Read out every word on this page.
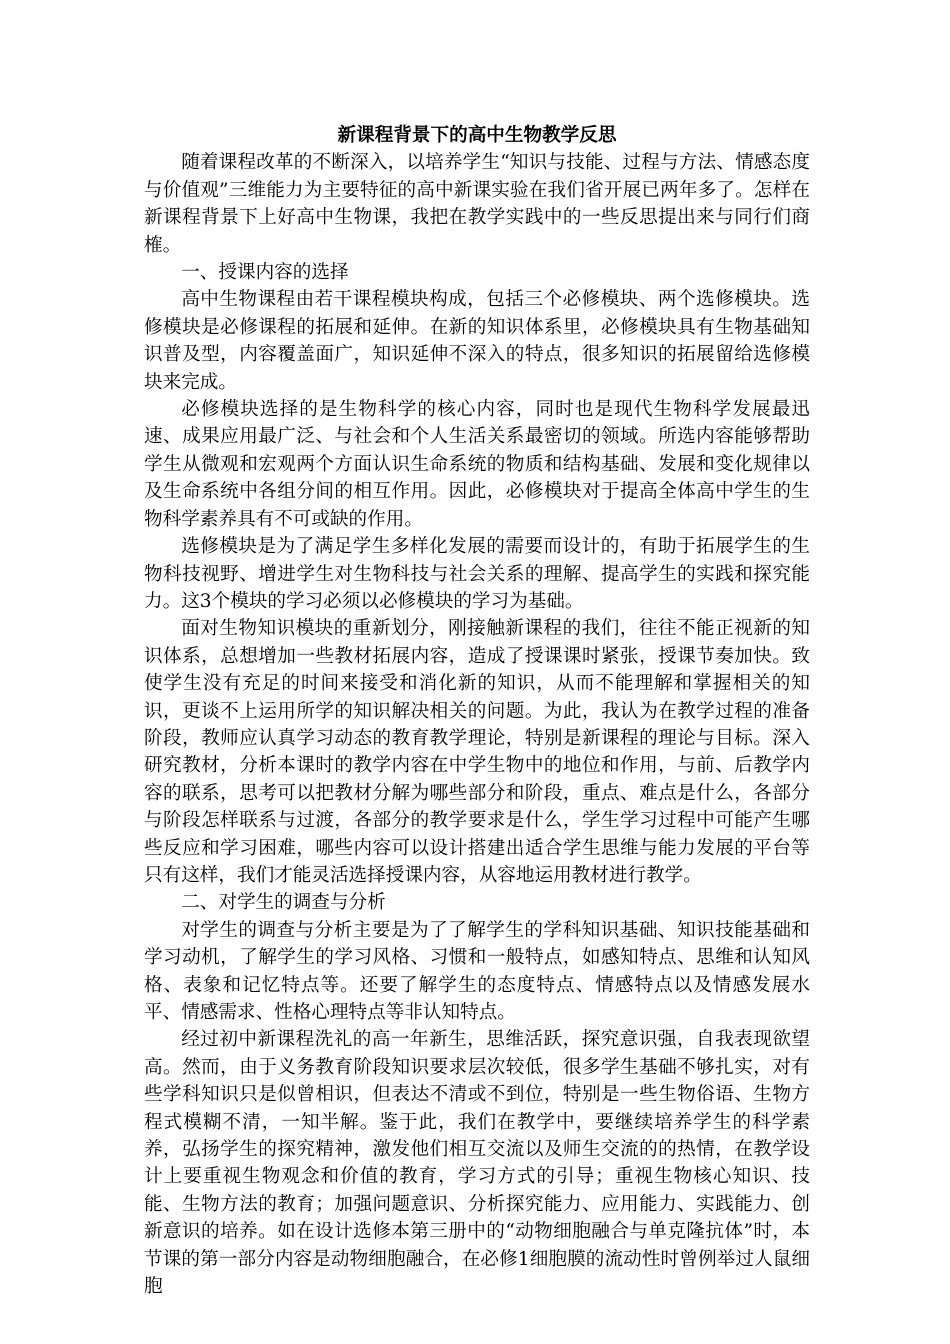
新课程背景下的高中生物教学反思

随着课程改革的不断深入，以培养学生“知识与技能、过程与方法、情感态度与价值观”三维能力为主要特征的高中新课实验在我们省开展已两年多了。怎样在新课程背景下上好高中生物课，我把在教学实践中的一些反思提出来与同行们商榷。

一、授课内容的选择

高中生物课程由若干课程模块构成，包括三个必修模块、两个选修模块。选修模块是必修课程的拓展和延伸。在新的知识体系里，必修模块具有生物基础知识普及型，内容覆盖面广，知识延伸不深入的特点，很多知识的拓展留给选修模块来完成。

必修模块选择的是生物科学的核心内容，同时也是现代生物科学发展最迅速、成果应用最广泛、与社会和个人生活关系最密切的领域。所选内容能够帮助学生从微观和宏观两个方面认识生命系统的物质和结构基础、发展和变化规律以及生命系统中各组分间的相互作用。因此，必修模块对于提高全体高中学生的生物科学素养具有不可或缺的作用。

选修模块是为了满足学生多样化发展的需要而设计的，有助于拓展学生的生物科技视野、增进学生对生物科技与社会关系的理解、提高学生的实践和探究能力。这3个模块的学习必须以必修模块的学习为基础。

面对生物知识模块的重新划分，刚接触新课程的我们，往往不能正视新的知识体系，总想增加一些教材拓展内容，造成了授课课时紧张，授课节奏加快。致使学生没有充足的时间来接受和消化新的知识，从而不能理解和掌握相关的知识，更谈不上运用所学的知识解决相关的问题。为此，我认为在教学过程的准备阶段，教师应认真学习动态的教育教学理论，特别是新课程的理论与目标。深入研究教材，分析本课时的教学内容在中学生物中的地位和作用，与前、后教学内容的联系，思考可以把教材分解为哪些部分和阶段，重点、难点是什么，各部分与阶段怎样联系与过渡，各部分的教学要求是什么，学生学习过程中可能产生哪些反应和学习困难，哪些内容可以设计搭建出适合学生思维与能力发展的平台等只有这样，我们才能灵活选择授课内容，从容地运用教材进行教学。

二、对学生的调查与分析

对学生的调查与分析主要是为了了解学生的学科知识基础、知识技能基础和学习动机，了解学生的学习风格、习惯和一般特点，如感知特点、思维和认知风格、表象和记忆特点等。还要了解学生的态度特点、情感特点以及情感发展水平、情感需求、性格心理特点等非认知特点。

经过初中新课程洗礼的高一年新生，思维活跃，探究意识强，自我表现欲望高。然而，由于义务教育阶段知识要求层次较低，很多学生基础不够扎实，对有些学科知识只是似曾相识，但表达不清或不到位，特别是一些生物俗语、生物方程式模糊不清，一知半解。鉴于此，我们在教学中，要继续培养学生的科学素养，弘扬学生的探究精神，激发他们相互交流以及师生交流的的热情，在教学设计上要重视生物观念和价值的教育，学习方式的引导；重视生物核心知识、技能、生物方法的教育；加强问题意识、分析探究能力、应用能力、实践能力、创新意识的培养。如在设计选修本第三册中的“动物细胞融合与单克隆抗体”时，本节课的第一部分内容是动物细胞融合，在必修1细胞膜的流动性时曾例举过人鼠细胞
